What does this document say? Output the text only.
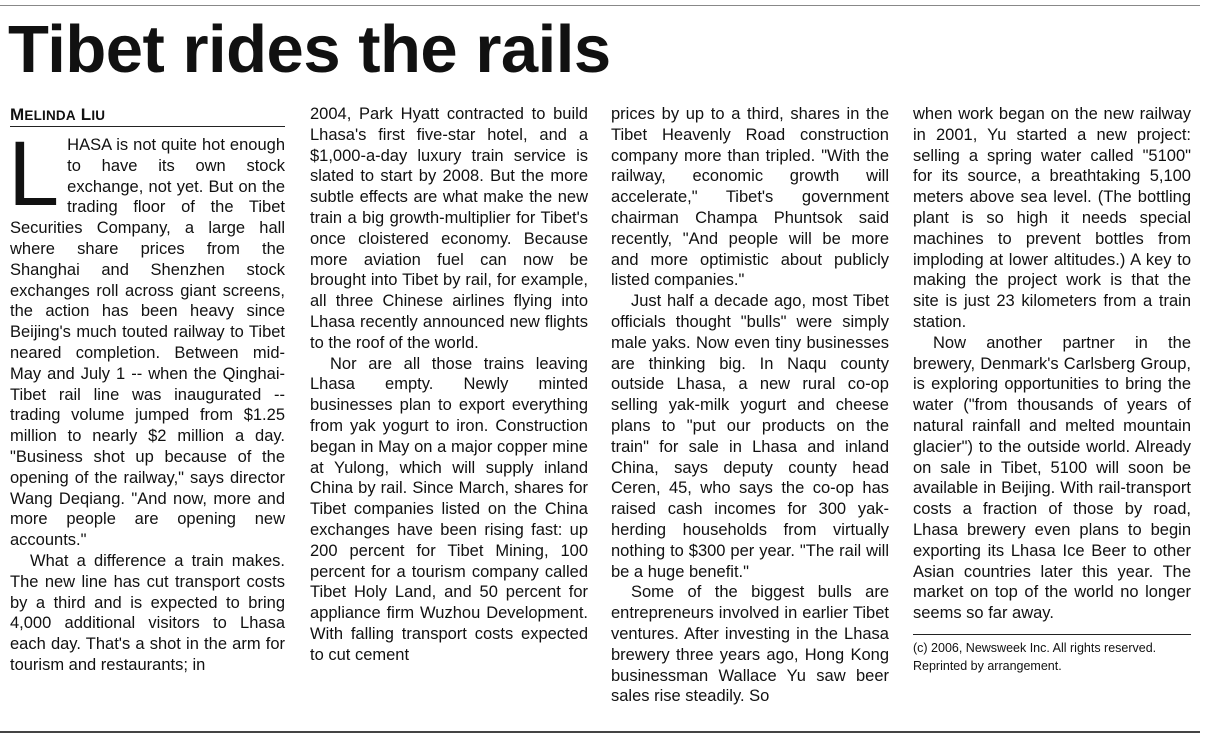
Tibet rides the rails
MELINDA LIU

LHASA is not quite hot enough to have its own stock exchange, not yet. But on the trading floor of the Tibet Securities Company, a large hall where share prices from the Shanghai and Shenzhen stock exchanges roll across giant screens, the action has been heavy since Beijing's much touted railway to Tibet neared completion. Between mid-May and July 1 -- when the Qinghai-Tibet rail line was inaugurated -- trading volume jumped from $1.25 million to nearly $2 million a day. "Business shot up because of the opening of the railway," says director Wang Deqiang. "And now, more and more people are opening new accounts."

What a difference a train makes. The new line has cut transport costs by a third and is expected to bring 4,000 additional visitors to Lhasa each day. That's a shot in the arm for tourism and restaurants; in

2004, Park Hyatt contracted to build Lhasa's first five-star hotel, and a $1,000-a-day luxury train service is slated to start by 2008. But the more subtle effects are what make the new train a big growth-multiplier for Tibet's once cloistered economy. Because more aviation fuel can now be brought into Tibet by rail, for example, all three Chinese airlines flying into Lhasa recently announced new flights to the roof of the world.

Nor are all those trains leaving Lhasa empty. Newly minted businesses plan to export everything from yak yogurt to iron. Construction began in May on a major copper mine at Yulong, which will supply inland China by rail. Since March, shares for Tibet companies listed on the China exchanges have been rising fast: up 200 percent for Tibet Mining, 100 percent for a tourism company called Tibet Holy Land, and 50 percent for appliance firm Wuzhou Development. With falling transport costs expected to cut cement

prices by up to a third, shares in the Tibet Heavenly Road construction company more than tripled. "With the railway, economic growth will accelerate," Tibet's government chairman Champa Phuntsok said recently, "And people will be more and more optimistic about publicly listed companies."

Just half a decade ago, most Tibet officials thought "bulls" were simply male yaks. Now even tiny businesses are thinking big. In Naqu county outside Lhasa, a new rural co-op selling yak-milk yogurt and cheese plans to "put our products on the train" for sale in Lhasa and inland China, says deputy county head Ceren, 45, who says the co-op has raised cash incomes for 300 yak-herding households from virtually nothing to $300 per year. "The rail will be a huge benefit."

Some of the biggest bulls are entrepreneurs involved in earlier Tibet ventures. After investing in the Lhasa brewery three years ago, Hong Kong businessman Wallace Yu saw beer sales rise steadily. So

when work began on the new railway in 2001, Yu started a new project: selling a spring water called "5100" for its source, a breathtaking 5,100 meters above sea level. (The bottling plant is so high it needs special machines to prevent bottles from imploding at lower altitudes.) A key to making the project work is that the site is just 23 kilometers from a train station.

Now another partner in the brewery, Denmark's Carlsberg Group, is exploring opportunities to bring the water ("from thousands of years of natural rainfall and melted mountain glacier") to the outside world. Already on sale in Tibet, 5100 will soon be available in Beijing. With rail-transport costs a fraction of those by road, Lhasa brewery even plans to begin exporting its Lhasa Ice Beer to other Asian countries later this year. The market on top of the world no longer seems so far away.

(c) 2006, Newsweek Inc. All rights reserved.
Reprinted by arrangement.
